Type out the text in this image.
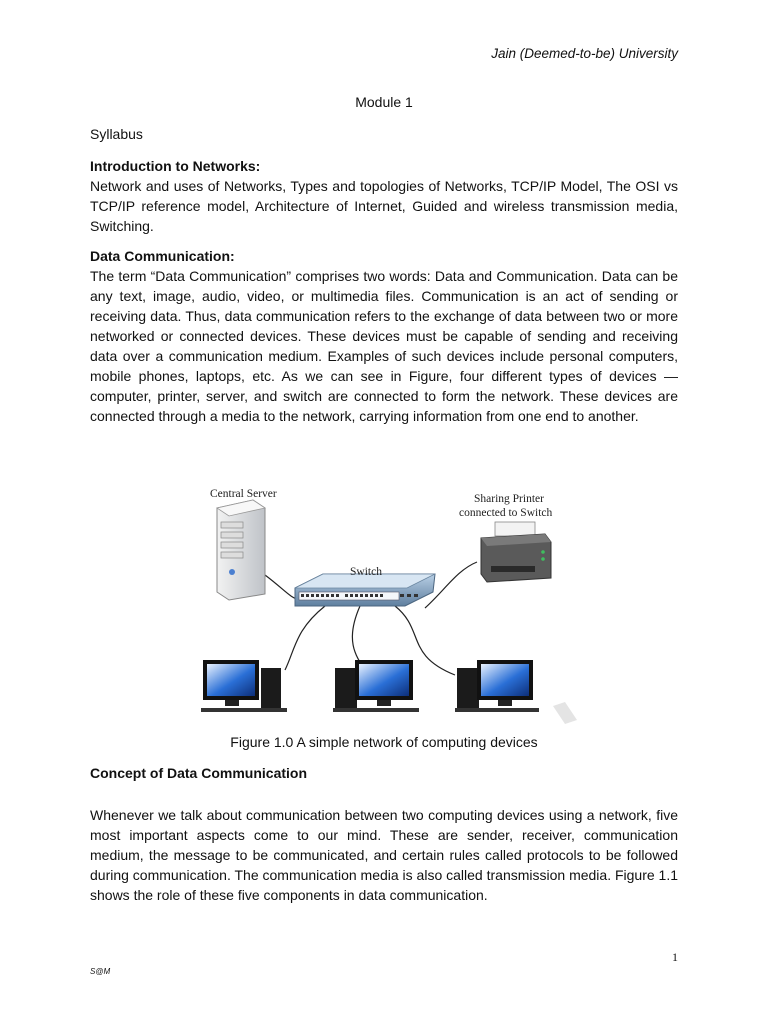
Jain (Deemed-to-be) University
Module 1

Syllabus

Introduction to Networks:

Network and uses of Networks, Types and topologies of Networks, TCP/IP Model, The OSI vs TCP/IP reference model, Architecture of Internet, Guided and wireless transmission media, Switching.

Data Communication:

The term “Data Communication” comprises two words: Data and Communication. Data can be any text, image, audio, video, or multimedia files. Communication is an act of sending or receiving data. Thus, data communication refers to the exchange of data between two or more networked or connected devices. These devices must be capable of sending and receiving data over a communication medium. Examples of such devices include personal computers, mobile phones, laptops, etc. As we can see in Figure, four different types of devices — computer, printer, server, and switch are connected to form the network. These devices are connected through a media to the network, carrying information from one end to another.

Central Server
Switch
Sharing Printer
connected to Switch
Figure 1.0 A simple network of computing devices
Concept of Data Communication

Whenever we talk about communication between two computing devices using a network, five most important aspects come to our mind. These are sender, receiver, communication medium, the message to be communicated, and certain rules called protocols to be followed during communication. The communication media is also called transmission media. Figure 1.1 shows the role of these five components in data communication.

1
S@M
